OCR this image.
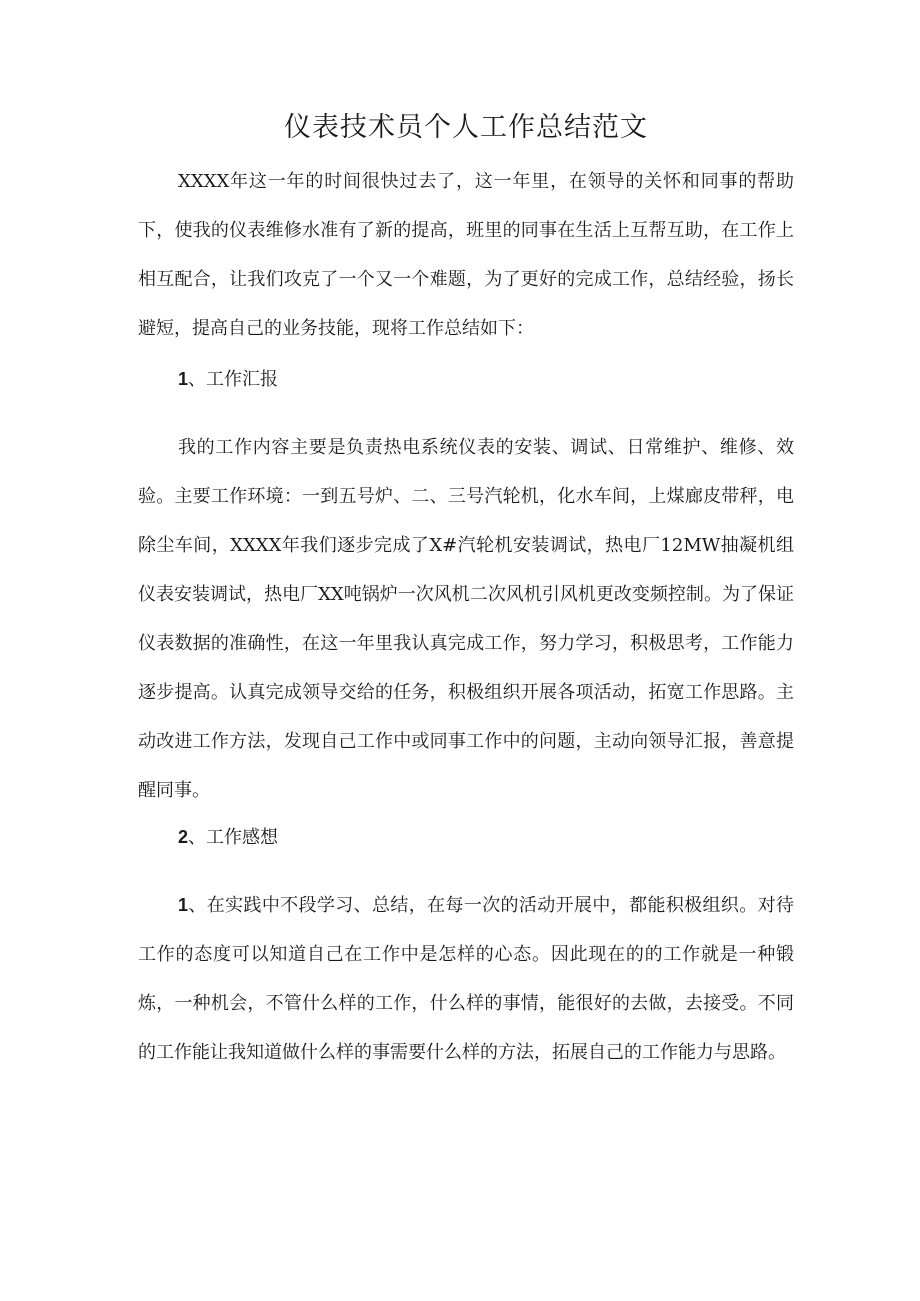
仪表技术员个人工作总结范文

XXXX年这一年的时间很快过去了，这一年里，在领导的关怀和同事的帮助下，使我的仪表维修水准有了新的提高，班里的同事在生活上互帮互助，在工作上相互配合，让我们攻克了一个又一个难题，为了更好的完成工作，总结经验，扬长避短，提高自己的业务技能，现将工作总结如下：

1、工作汇报

我的工作内容主要是负责热电系统仪表的安装、调试、日常维护、维修、效验。主要工作环境：一到五号炉、二、三号汽轮机，化水车间，上煤廊皮带秤，电除尘车间，XXXX年我们逐步完成了X#汽轮机安装调试，热电厂12MW抽凝机组仪表安装调试，热电厂XX吨锅炉一次风机二次风机引风机更改变频控制。为了保证仪表数据的准确性，在这一年里我认真完成工作，努力学习，积极思考，工作能力逐步提高。认真完成领导交给的任务，积极组织开展各项活动，拓宽工作思路。主动改进工作方法，发现自己工作中或同事工作中的问题，主动向领导汇报，善意提醒同事。

2、工作感想

1、在实践中不段学习、总结，在每一次的活动开展中，都能积极组织。对待工作的态度可以知道自己在工作中是怎样的心态。因此现在的的工作就是一种锻炼，一种机会，不管什么样的工作，什么样的事情，能很好的去做，去接受。不同的工作能让我知道做什么样的事需要什么样的方法，拓展自己的工作能力与思路。
